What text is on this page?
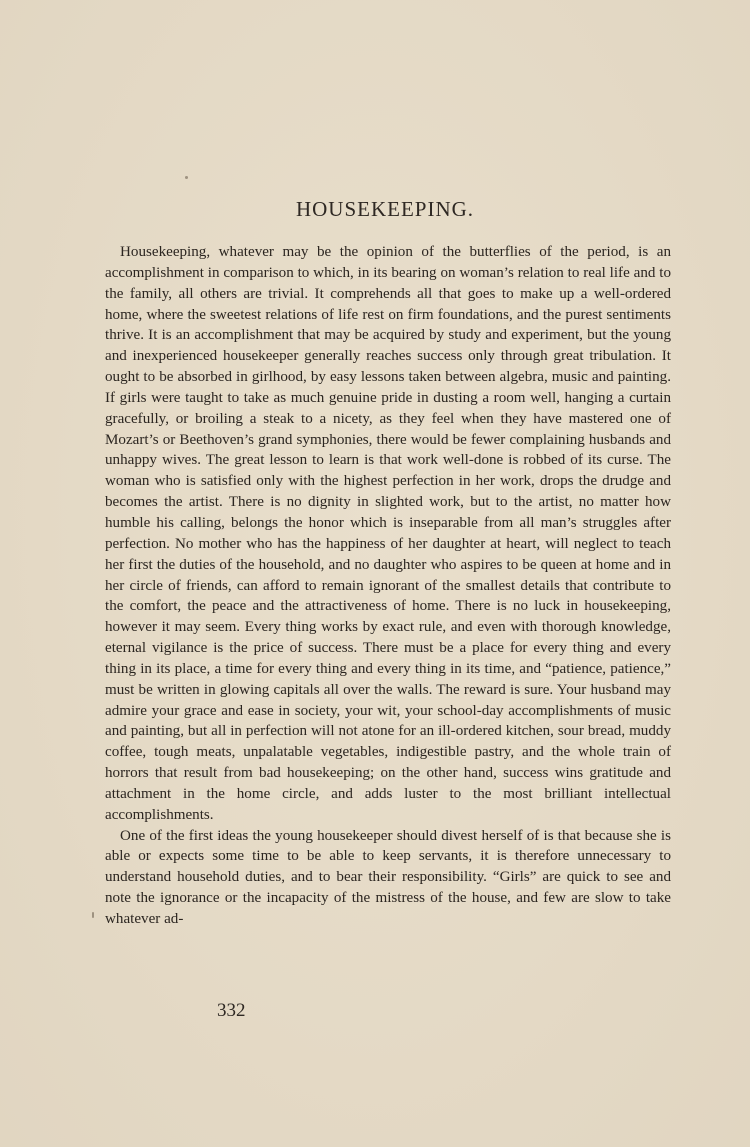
HOUSEKEEPING.

Housekeeping, whatever may be the opinion of the butterflies of the period, is an accomplishment in comparison to which, in its bearing on woman’s relation to real life and to the family, all others are trivial. It comprehends all that goes to make up a well-ordered home, where the sweetest relations of life rest on firm foundations, and the purest sentiments thrive. It is an accomplishment that may be acquired by study and experiment, but the young and inexperienced housekeeper generally reaches success only through great tribulation. It ought to be absorbed in girlhood, by easy lessons taken between algebra, music and painting. If girls were taught to take as much genuine pride in dusting a room well, hanging a curtain gracefully, or broiling a steak to a nicety, as they feel when they have mastered one of Mozart’s or Beethoven’s grand symphonies, there would be fewer complaining husbands and unhappy wives. The great lesson to learn is that work well-done is robbed of its curse. The woman who is satisfied only with the highest perfection in her work, drops the drudge and becomes the artist. There is no dignity in slighted work, but to the artist, no matter how humble his calling, belongs the honor which is inseparable from all man’s struggles after perfection. No mother who has the happiness of her daughter at heart, will neglect to teach her first the duties of the household, and no daughter who aspires to be queen at home and in her circle of friends, can afford to remain ignorant of the smallest details that contribute to the comfort, the peace and the attractiveness of home. There is no luck in housekeeping, however it may seem. Every thing works by exact rule, and even with thorough knowledge, eternal vigilance is the price of success. There must be a place for every thing and every thing in its place, a time for every thing and every thing in its time, and “patience, patience,” must be written in glowing capitals all over the walls. The reward is sure. Your husband may admire your grace and ease in society, your wit, your school-day accomplishments of music and painting, but all in perfection will not atone for an ill-ordered kitchen, sour bread, muddy coffee, tough meats, unpalatable vegetables, indigestible pastry, and the whole train of horrors that result from bad housekeeping; on the other hand, success wins gratitude and attachment in the home circle, and adds luster to the most brilliant intellectual accomplishments.

One of the first ideas the young housekeeper should divest herself of is that because she is able or expects some time to be able to keep servants, it is therefore unnecessary to understand household duties, and to bear their responsibility. “Girls” are quick to see and note the ignorance or the incapacity of the mistress of the house, and few are slow to take whatever ad-

332
